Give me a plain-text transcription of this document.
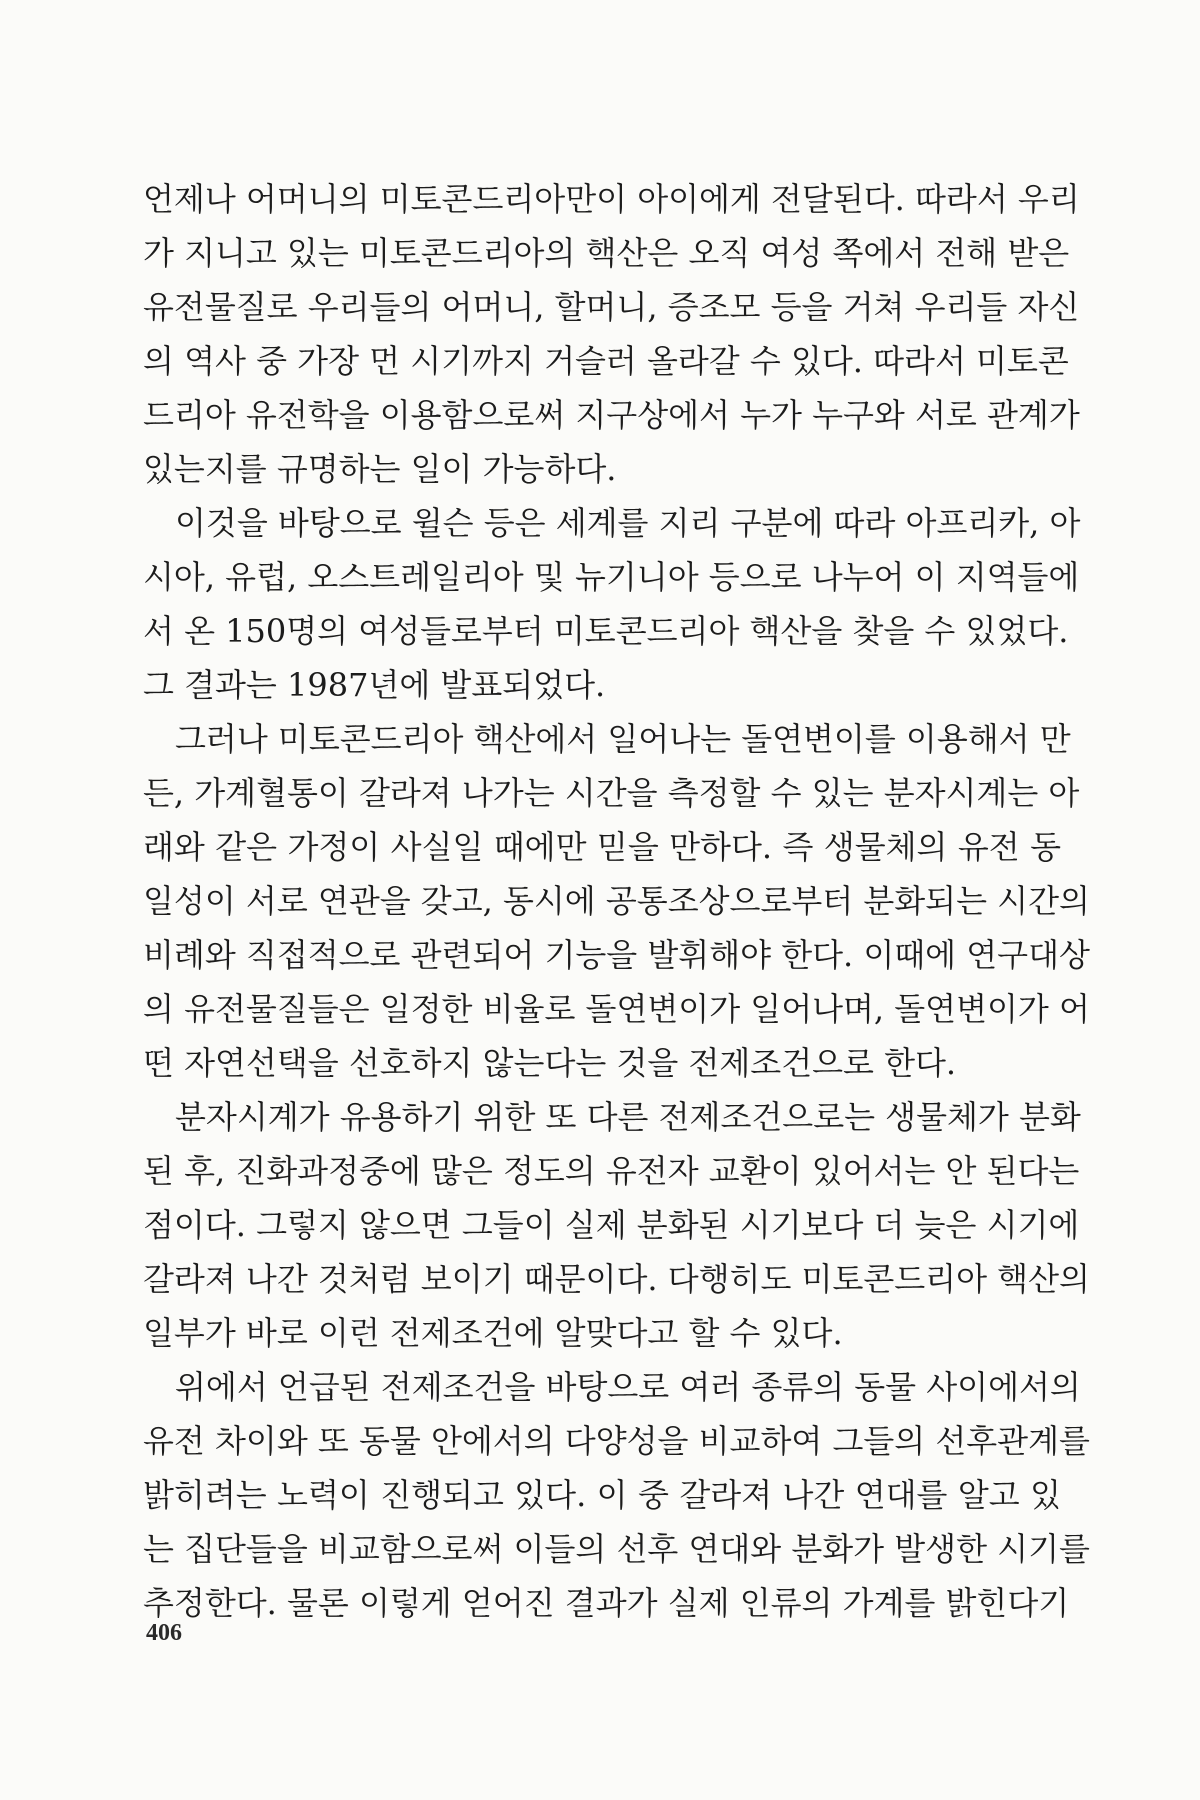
언제나 어머니의 미토콘드리아만이 아이에게 전달된다. 따라서 우리
가 지니고 있는 미토콘드리아의 핵산은 오직 여성 쪽에서 전해 받은
유전물질로 우리들의 어머니, 할머니, 증조모 등을 거쳐 우리들 자신
의 역사 중 가장 먼 시기까지 거슬러 올라갈 수 있다. 따라서 미토콘
드리아 유전학을 이용함으로써 지구상에서 누가 누구와 서로 관계가
있는지를 규명하는 일이 가능하다.
이것을 바탕으로 윌슨 등은 세계를 지리 구분에 따라 아프리카, 아
시아, 유럽, 오스트레일리아 및 뉴기니아 등으로 나누어 이 지역들에
서 온 150명의 여성들로부터 미토콘드리아 핵산을 찾을 수 있었다.
그 결과는 1987년에 발표되었다.
그러나 미토콘드리아 핵산에서 일어나는 돌연변이를 이용해서 만
든, 가계혈통이 갈라져 나가는 시간을 측정할 수 있는 분자시계는 아
래와 같은 가정이 사실일 때에만 믿을 만하다. 즉 생물체의 유전 동
일성이 서로 연관을 갖고, 동시에 공통조상으로부터 분화되는 시간의
비례와 직접적으로 관련되어 기능을 발휘해야 한다. 이때에 연구대상
의 유전물질들은 일정한 비율로 돌연변이가 일어나며, 돌연변이가 어
떤 자연선택을 선호하지 않는다는 것을 전제조건으로 한다.
분자시계가 유용하기 위한 또 다른 전제조건으로는 생물체가 분화
된 후, 진화과정중에 많은 정도의 유전자 교환이 있어서는 안 된다는
점이다. 그렇지 않으면 그들이 실제 분화된 시기보다 더 늦은 시기에
갈라져 나간 것처럼 보이기 때문이다. 다행히도 미토콘드리아 핵산의
일부가 바로 이런 전제조건에 알맞다고 할 수 있다.
위에서 언급된 전제조건을 바탕으로 여러 종류의 동물 사이에서의
유전 차이와 또 동물 안에서의 다양성을 비교하여 그들의 선후관계를
밝히려는 노력이 진행되고 있다. 이 중 갈라져 나간 연대를 알고 있
는 집단들을 비교함으로써 이들의 선후 연대와 분화가 발생한 시기를
추정한다. 물론 이렇게 얻어진 결과가 실제 인류의 가계를 밝힌다기
406
